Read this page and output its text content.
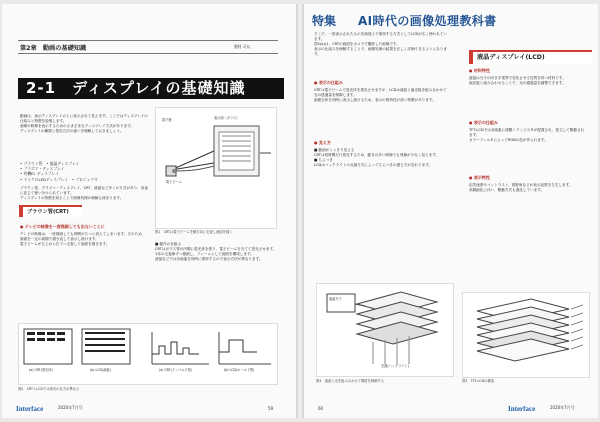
第2章　動画の基礎知識	奥村 可仏
2-1　ディスプレイの基礎知識
動画は、表示ディスプレイの上に表示されて見えます。ここではディスプレイの仕組みと特徴を説明します。
画像や映像を表示するためのさまざまなディスプレイ方式があります。
ディスプレイの種類と発光方法の違いを理解しておきましょう。
• ブラウン管　• 液晶ディスプレイ
• プラズマ・ディスプレイ
• 有機EL ディスプレイ
• マイクロLEDディスプレイ　• プロジェクタ
ブラウン管、プラズマ・ディスプレイ、CRT、液晶など多くの方式があり、用途に応じて使い分けられています。
ディスプレイの特徴を知ることで画像処理の理解も深まります。
ブラウン管(CRT)
● テレビの映像を一度描画しても出ないことに
テレビの映像は、一度描画しても時間がたつと消えてしまいます。そのため、画面を一定の周期で描き直して表示し続けます。
電子ビームが左上から右下へ走査して画面を描きます。
電子銃	表示面（ガラス）
電子ビーム
図1　CRTは電子ビームを横方向に走査し画面を描く
■ 動作の仕組み
CRTはガラス管の内側に蛍光体を塗り、電子ビームを当てて発光させます。
1本の走査線ずつ描画し、フレームとして画面を構成します。
液晶などでは各画素を同時に保持するので表示方法が異なります。
(a) CRT(発光体)	(b) LCD(画素)	(a) CRT(インパルス型)	(b) LCD(ホールド型)
図2　CRTとLCDでは発光の仕方が異なる
Interface	2020年7月号	59
特集 AI時代の画像処理教科書
そこで、一度表示されたものを画面上で保持する方式としてLCDが広く使われています。
図2(a)は、CRTの画面をカメラで撮影した画像です。
表示の仕組みを理解することで、画像処理の結果を正しく評価できるようになります。
● 表示の仕組み
CRTは電子ビームで蛍光体を発光させますが、LCDは液晶と偏光板を組み合わせて光の透過量を制御します。
画面全体を同時に表示し続けるため、表示の保持性が高い特徴があります。
● 見え方
■ 動画がくっきり見える
CRTは短時間だけ発光するため、動きの多い映像でも残像が少なく見えます。
■ ちらつき
LCDはバックライトの点滅方式によってちらつきの感じ方が変わります。
液晶ディスプレイ(LCD)
● 材料特性
液晶は分子の向きを電界で変化させる性質を持つ材料です。
偏光板と組み合わせることで、光の通過量を調整できます。
● 表示の仕組み
TFT-LCDでは各画素に薄膜トランジスタが配置され、独立して駆動されます。
カラーフィルタによってRGBの色が作られます。
● 表示特性
応答速度やコントラスト、視野角などが表示品質を左右します。
高精細化に伴い、駆動方式も進化しています。
液晶分子
光源(バックライト)
図4　液晶と光を組み合わせて輝度を制御する	図3　TFT-LCDの構造
60	Interface	2020年7月号
